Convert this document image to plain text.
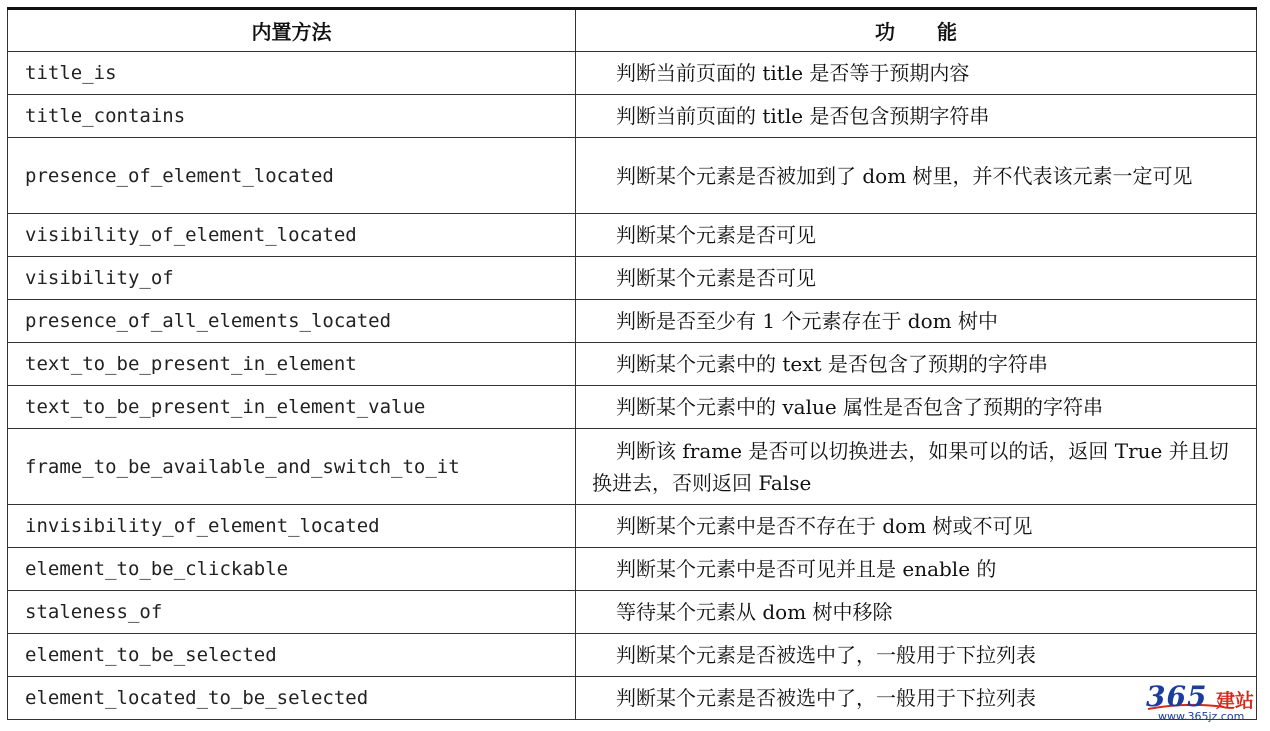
内置方法	功能
title_is	判断当前页面的 title 是否等于预期内容
title_contains	判断当前页面的 title 是否包含预期字符串
presence_of_element_located	判断某个元素是否被加到了 dom 树里，并不代表该元素一定可见
visibility_of_element_located	判断某个元素是否可见
visibility_of	判断某个元素是否可见
presence_of_all_elements_located	判断是否至少有 1 个元素存在于 dom 树中
text_to_be_present_in_element	判断某个元素中的 text 是否包含了预期的字符串
text_to_be_present_in_element_value	判断某个元素中的 value 属性是否包含了预期的字符串
frame_to_be_available_and_switch_to_it	判断该 frame 是否可以切换进去，如果可以的话，返回 True 并且切换进去，否则返回 False
invisibility_of_element_located	判断某个元素中是否不存在于 dom 树或不可见
element_to_be_clickable	判断某个元素中是否可见并且是 enable 的
staleness_of	等待某个元素从 dom 树中移除
element_to_be_selected	判断某个元素是否被选中了，一般用于下拉列表
element_located_to_be_selected	判断某个元素是否被选中了，一般用于下拉列表	365 建站
www.365jz.com
